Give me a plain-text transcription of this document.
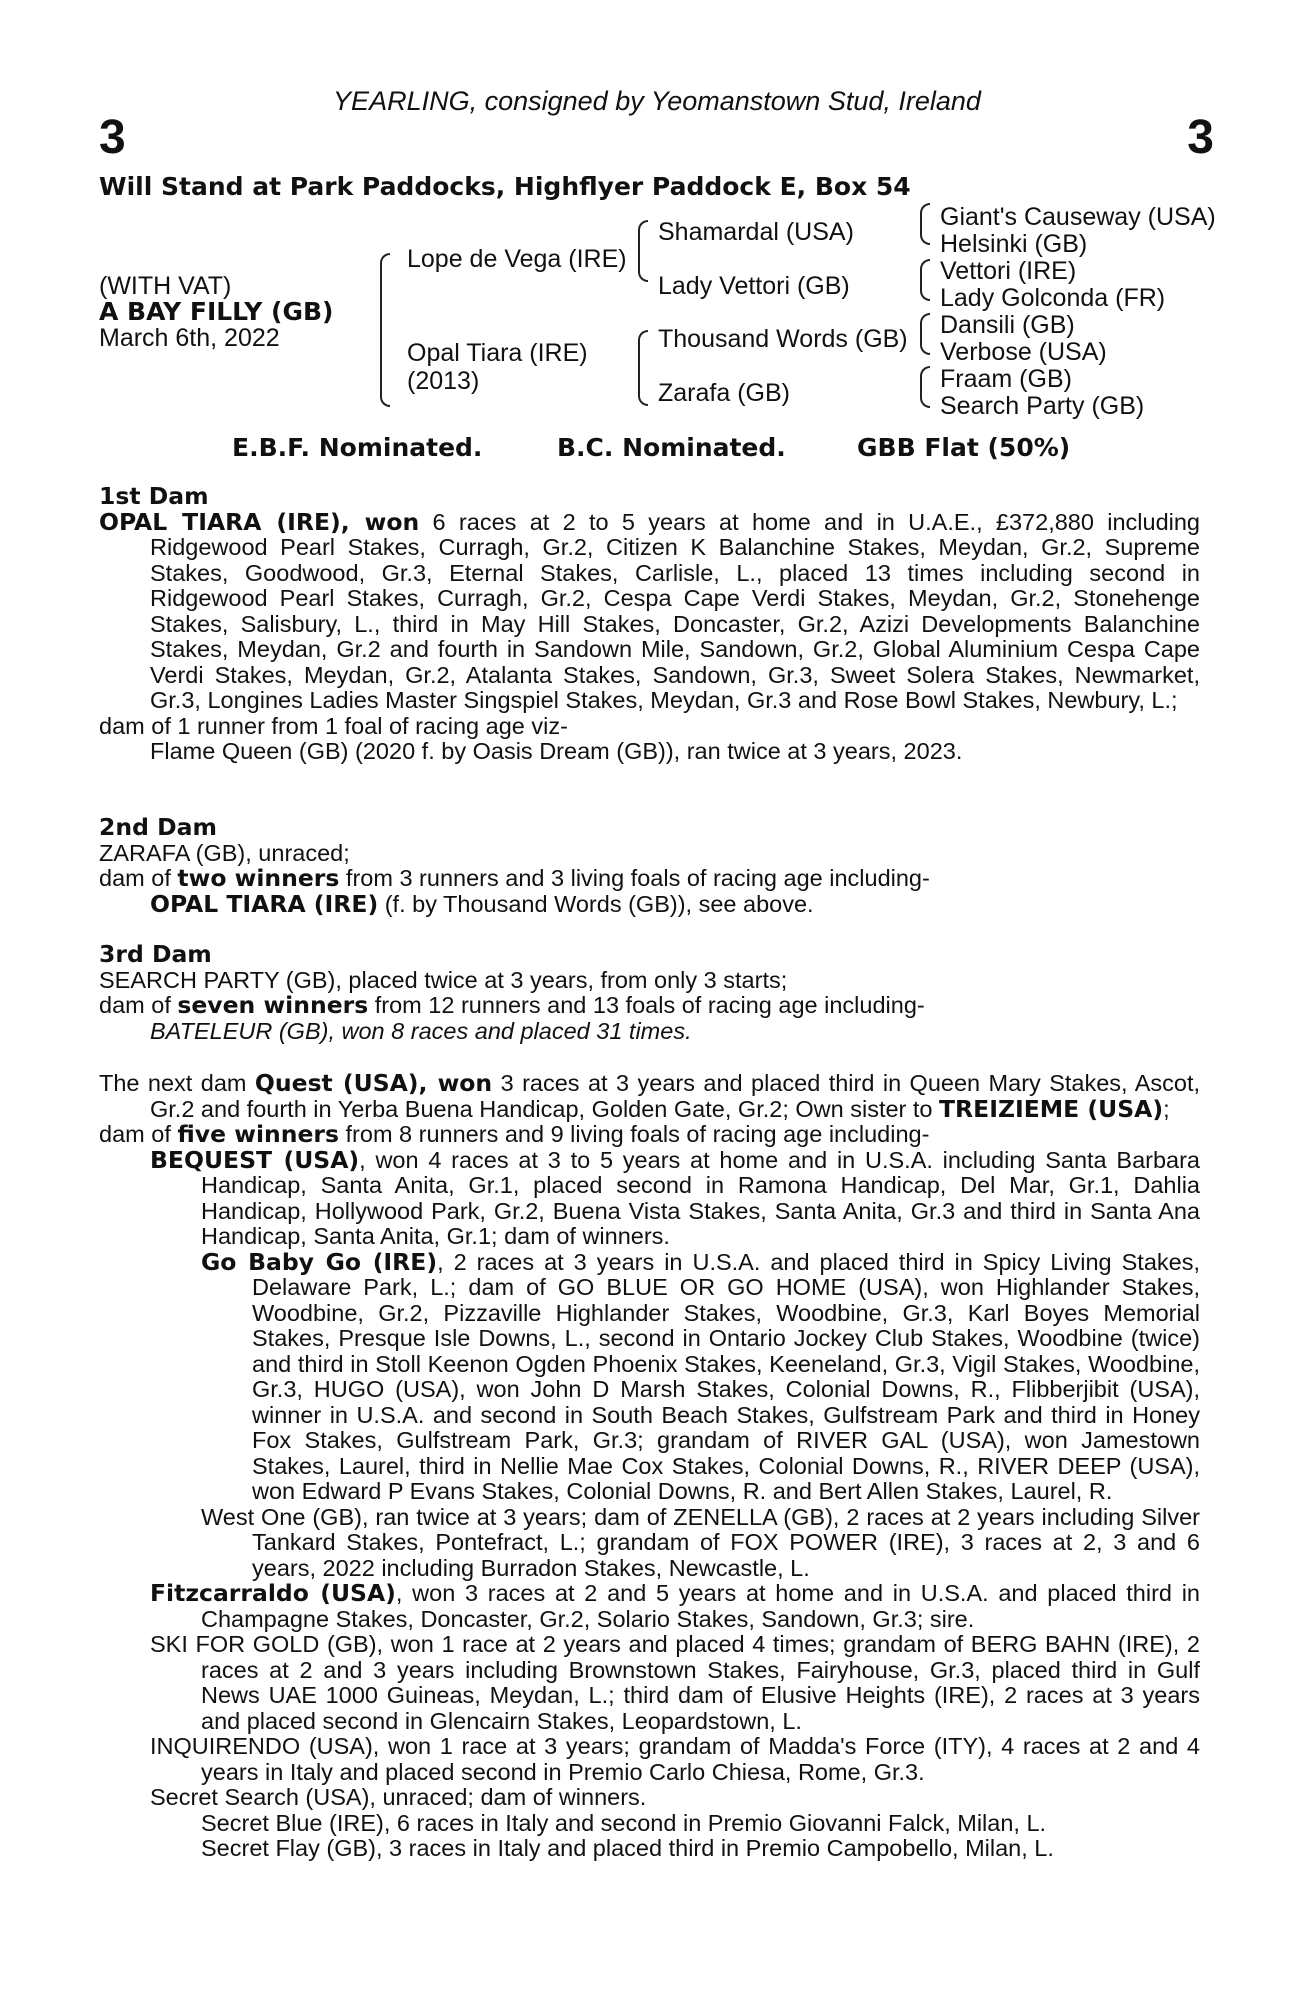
YEARLING, consigned by Yeomanstown Stud, Ireland
3	3
Will Stand at Park Paddocks, Highflyer Paddock E, Box 54
(WITH VAT)
A BAY FILLY (GB)
March 6th, 2022
Lope de Vega (IRE)
Opal Tiara (IRE)
(2013)
Shamardal (USA)
Lady Vettori (GB)
Thousand Words (GB)
Zarafa (GB)
Giant's Causeway (USA)
Helsinki (GB)
Vettori (IRE)
Lady Golconda (FR)
Dansili (GB)
Verbose (USA)
Fraam (GB)
Search Party (GB)
E.B.F. Nominated.	B.C. Nominated.	GBB Flat (50%)

1st Dam

OPAL TIARA (IRE), won 6 races at 2 to 5 years at home and in U.A.E., £372,880 including Ridgewood Pearl Stakes, Curragh, Gr.2, Citizen K Balanchine Stakes, Meydan, Gr.2, Supreme Stakes, Goodwood, Gr.3, Eternal Stakes, Carlisle, L., placed 13 times including second in Ridgewood Pearl Stakes, Curragh, Gr.2, Cespa Cape Verdi Stakes, Meydan, Gr.2, Stonehenge Stakes, Salisbury, L., third in May Hill Stakes, Doncaster, Gr.2, Azizi Developments Balanchine Stakes, Meydan, Gr.2 and fourth in Sandown Mile, Sandown, Gr.2, Global Aluminium Cespa Cape Verdi Stakes, Meydan, Gr.2, Atalanta Stakes, Sandown, Gr.3, Sweet Solera Stakes, Newmarket, Gr.3, Longines Ladies Master Singspiel Stakes, Meydan, Gr.3 and Rose Bowl Stakes, Newbury, L.;

dam of 1 runner from 1 foal of racing age viz-

Flame Queen (GB) (2020 f. by Oasis Dream (GB)), ran twice at 3 years, 2023.

2nd Dam

ZARAFA (GB), unraced;

dam of two winners from 3 runners and 3 living foals of racing age including-

OPAL TIARA (IRE) (f. by Thousand Words (GB)), see above.

3rd Dam

SEARCH PARTY (GB), placed twice at 3 years, from only 3 starts;

dam of seven winners from 12 runners and 13 foals of racing age including-

BATELEUR (GB), won 8 races and placed 31 times.

The next dam Quest (USA), won 3 races at 3 years and placed third in Queen Mary Stakes, Ascot, Gr.2 and fourth in Yerba Buena Handicap, Golden Gate, Gr.2; Own sister to TREIZIEME (USA);

dam of five winners from 8 runners and 9 living foals of racing age including-

BEQUEST (USA), won 4 races at 3 to 5 years at home and in U.S.A. including Santa Barbara Handicap, Santa Anita, Gr.1, placed second in Ramona Handicap, Del Mar, Gr.1, Dahlia Handicap, Hollywood Park, Gr.2, Buena Vista Stakes, Santa Anita, Gr.3 and third in Santa Ana Handicap, Santa Anita, Gr.1; dam of winners.

Go Baby Go (IRE), 2 races at 3 years in U.S.A. and placed third in Spicy Living Stakes, Delaware Park, L.; dam of GO BLUE OR GO HOME (USA), won Highlander Stakes, Woodbine, Gr.2, Pizzaville Highlander Stakes, Woodbine, Gr.3, Karl Boyes Memorial Stakes, Presque Isle Downs, L., second in Ontario Jockey Club Stakes, Woodbine (twice) and third in Stoll Keenon Ogden Phoenix Stakes, Keeneland, Gr.3, Vigil Stakes, Woodbine, Gr.3, HUGO (USA), won John D Marsh Stakes, Colonial Downs, R., Flibberjibit (USA), winner in U.S.A. and second in South Beach Stakes, Gulfstream Park and third in Honey Fox Stakes, Gulfstream Park, Gr.3; grandam of RIVER GAL (USA), won Jamestown Stakes, Laurel, third in Nellie Mae Cox Stakes, Colonial Downs, R., RIVER DEEP (USA), won Edward P Evans Stakes, Colonial Downs, R. and Bert Allen Stakes, Laurel, R.

West One (GB), ran twice at 3 years; dam of ZENELLA (GB), 2 races at 2 years including Silver Tankard Stakes, Pontefract, L.; grandam of FOX POWER (IRE), 3 races at 2, 3 and 6 years, 2022 including Burradon Stakes, Newcastle, L.

Fitzcarraldo (USA), won 3 races at 2 and 5 years at home and in U.S.A. and placed third in Champagne Stakes, Doncaster, Gr.2, Solario Stakes, Sandown, Gr.3; sire.

SKI FOR GOLD (GB), won 1 race at 2 years and placed 4 times; grandam of BERG BAHN (IRE), 2 races at 2 and 3 years including Brownstown Stakes, Fairyhouse, Gr.3, placed third in Gulf News UAE 1000 Guineas, Meydan, L.; third dam of Elusive Heights (IRE), 2 races at 3 years and placed second in Glencairn Stakes, Leopardstown, L.

INQUIRENDO (USA), won 1 race at 3 years; grandam of Madda's Force (ITY), 4 races at 2 and 4 years in Italy and placed second in Premio Carlo Chiesa, Rome, Gr.3.

Secret Search (USA), unraced; dam of winners.

Secret Blue (IRE), 6 races in Italy and second in Premio Giovanni Falck, Milan, L.

Secret Flay (GB), 3 races in Italy and placed third in Premio Campobello, Milan, L.
